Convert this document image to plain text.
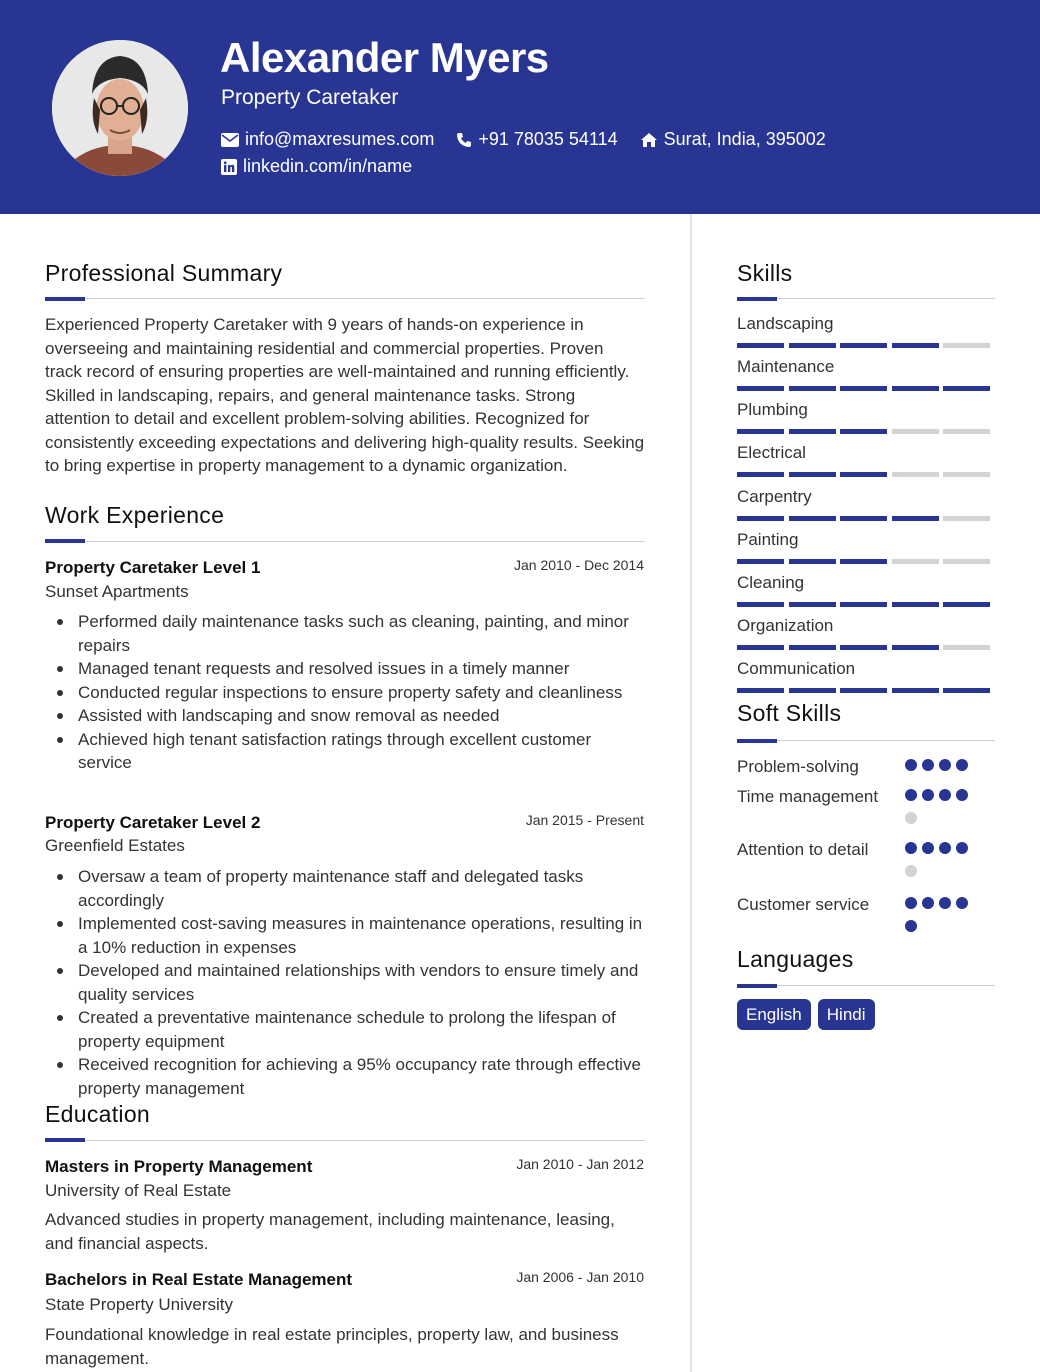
Alexander Myers
Property Caretaker
info@maxresumes.com +91 78035 54114	Surat, India, 395002
linkedin.com/in/name
Professional Summary
Experienced Property Caretaker with 9 years of hands-on experience in overseeing and maintaining residential and commercial properties. Proven track record of ensuring properties are well-maintained and running efficiently. Skilled in landscaping, repairs, and general maintenance tasks. Strong attention to detail and excellent problem-solving abilities. Recognized for consistently exceeding expectations and delivering high-quality results. Seeking to bring expertise in property management to a dynamic organization.
Work Experience
Property Caretaker Level 1	Jan 2010 - Dec 2014
Sunset Apartments
Performed daily maintenance tasks such as cleaning, painting, and minor repairs
Managed tenant requests and resolved issues in a timely manner
Conducted regular inspections to ensure property safety and cleanliness
Assisted with landscaping and snow removal as needed
Achieved high tenant satisfaction ratings through excellent customer service
Property Caretaker Level 2	Jan 2015 - Present
Greenfield Estates
Oversaw a team of property maintenance staff and delegated tasks accordingly
Implemented cost-saving measures in maintenance operations, resulting in a 10% reduction in expenses
Developed and maintained relationships with vendors to ensure timely and quality services
Created a preventative maintenance schedule to prolong the lifespan of property equipment
Received recognition for achieving a 95% occupancy rate through effective property management
Education
Masters in Property Management	Jan 2010 - Jan 2012
University of Real Estate
Advanced studies in property management, including maintenance, leasing, and financial aspects.
Bachelors in Real Estate Management	Jan 2006 - Jan 2010
State Property University
Foundational knowledge in real estate principles, property law, and business management.
Skills
Landscaping
Maintenance
Plumbing
Electrical
Carpentry
Painting
Cleaning
Organization
Communication
Soft Skills
Problem-solving
Time management
Attention to detail
Customer service
Languages
English	Hindi
